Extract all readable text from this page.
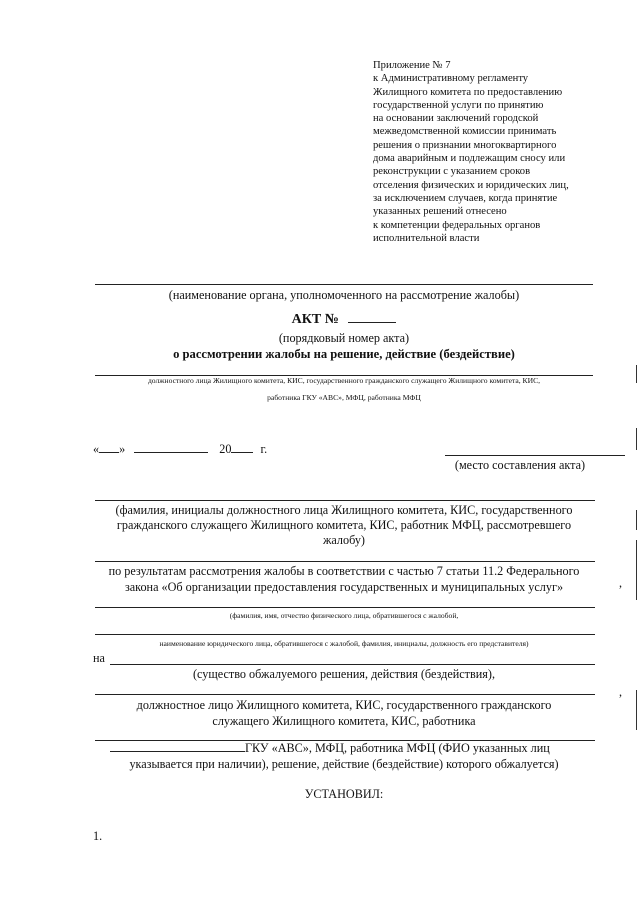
Приложение № 7
к Административному регламенту
Жилищного комитета по предоставлению
государственной услуги по принятию
на основании заключений городской
межведомственной комиссии принимать
решения о признании многоквартирного
дома аварийным и подлежащим сносу или
реконструкции с указанием сроков
отселения физических и юридических лиц,
за исключением случаев, когда принятие
указанных решений отнесено
к компетенции федеральных органов
исполнительной власти
(наименование органа, уполномоченного на рассмотрение жалобы)
АКТ №
(порядковый номер акта)
о рассмотрении жалобы на решение, действие (бездействие)
должностного лица Жилищного комитета, КИС, государственного гражданского служащего Жилищного комитета, КИС,
работника ГКУ «АВС», МФЦ, работника МФЦ
« »	20 г.
(место составления акта)
(фамилия, инициалы должностного лица Жилищного комитета, КИС, государственного
гражданского служащего Жилищного комитета, КИС, работник МФЦ, рассмотревшего
жалобу)
по результатам рассмотрения жалобы в соответствии с частью 7 статьи 11.2 Федерального
закона «Об организации предоставления государственных и муниципальных услуг»
(фамилия, имя, отчество физического лица, обратившегося с жалобой,
наименование юридического лица, обратившегося с жалобой, фамилия, инициалы, должность его представителя)
на
(существо обжалуемого решения, действия (бездействия),
должностное лицо Жилищного комитета, КИС, государственного гражданского
служащего Жилищного комитета, КИС, работника
ГКУ «АВС», МФЦ, работника МФЦ (ФИО указанных лиц
указывается при наличии), решение, действие (бездействие) которого обжалуется)
УСТАНОВИЛ:
1.
,
,
